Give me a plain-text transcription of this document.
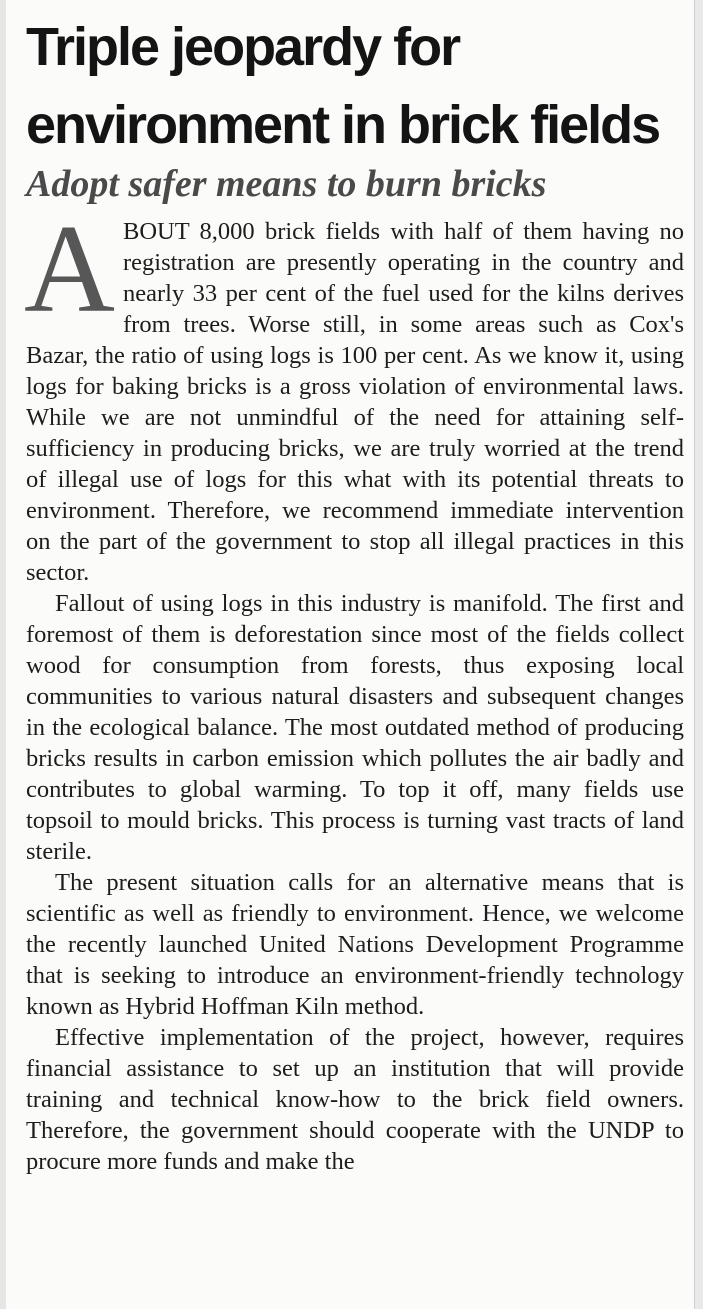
Triple jeopardy for environment in brick fields
Adopt safer means to burn bricks

ABOUT 8,000 brick fields with half of them having no registration are presently operating in the country and nearly 33 per cent of the fuel used for the kilns derives from trees. Worse still, in some areas such as Cox's Bazar, the ratio of using logs is 100 per cent. As we know it, using logs for baking bricks is a gross violation of environmental laws. While we are not unmindful of the need for attaining self-sufficiency in producing bricks, we are truly worried at the trend of illegal use of logs for this what with its potential threats to environment. Therefore, we recommend immediate intervention on the part of the government to stop all illegal practices in this sector.

Fallout of using logs in this industry is manifold. The first and foremost of them is deforestation since most of the fields collect wood for consumption from forests, thus exposing local communities to various natural disasters and subsequent changes in the ecological balance. The most outdated method of producing bricks results in carbon emission which pollutes the air badly and contributes to global warming. To top it off, many fields use topsoil to mould bricks. This process is turning vast tracts of land sterile.

The present situation calls for an alternative means that is scientific as well as friendly to environment. Hence, we welcome the recently launched United Nations Development Programme that is seeking to introduce an environment-friendly technology known as Hybrid Hoffman Kiln method.

Effective implementation of the project, however, requires financial assistance to set up an institution that will provide training and technical know-how to the brick field owners. Therefore, the government should cooperate with the UNDP to procure more funds and make the
